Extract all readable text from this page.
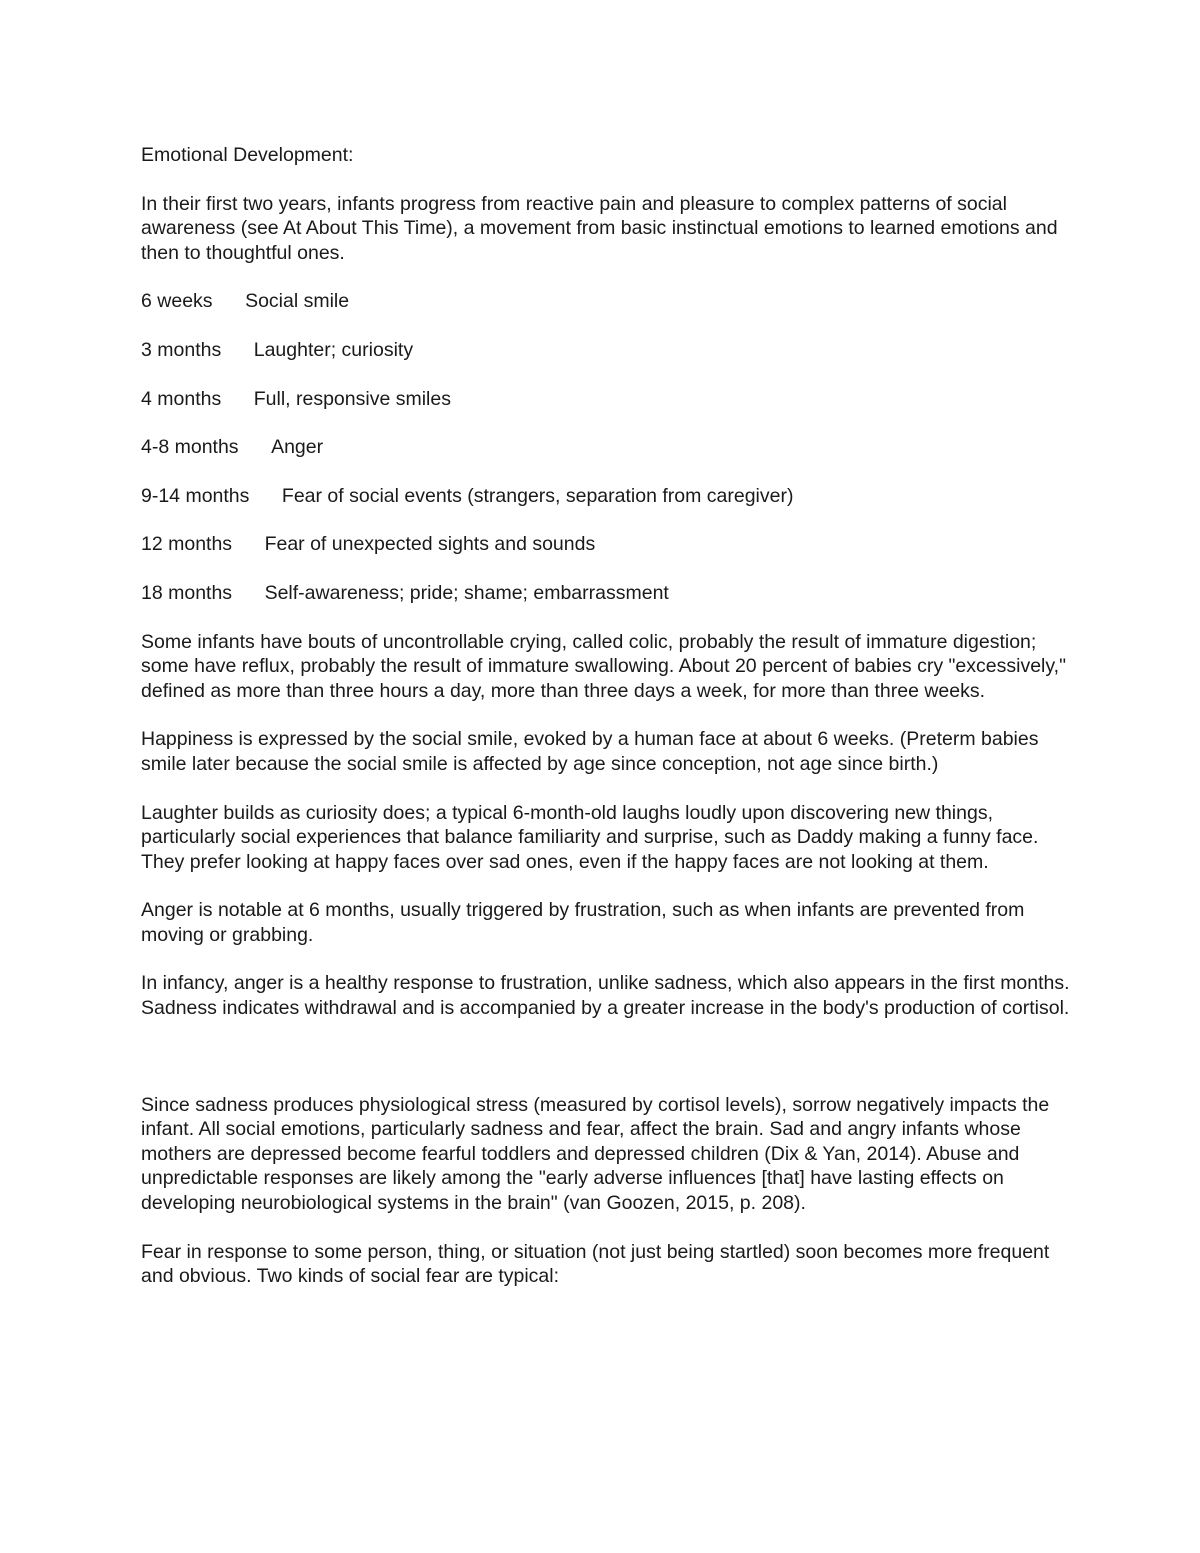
Emotional Development:

In their first two years, infants progress from reactive pain and pleasure to complex patterns of social awareness (see At About This Time), a movement from basic instinctual emotions to learned emotions and then to thoughtful ones.

6 weeks Social smile
3 months Laughter; curiosity
4 months Full, responsive smiles
4-8 months Anger
9-14 months Fear of social events (strangers, separation from caregiver)
12 months Fear of unexpected sights and sounds
18 months Self-awareness; pride; shame; embarrassment

Some infants have bouts of uncontrollable crying, called colic, probably the result of immature digestion; some have reflux, probably the result of immature swallowing. About 20 percent of babies cry "excessively," defined as more than three hours a day, more than three days a week, for more than three weeks.

Happiness is expressed by the social smile, evoked by a human face at about 6 weeks. (Preterm babies smile later because the social smile is affected by age since conception, not age since birth.)

Laughter builds as curiosity does; a typical 6-month-old laughs loudly upon discovering new things, particularly social experiences that balance familiarity and surprise, such as Daddy making a funny face. They prefer looking at happy faces over sad ones, even if the happy faces are not looking at them.

Anger is notable at 6 months, usually triggered by frustration, such as when infants are prevented from moving or grabbing.

In infancy, anger is a healthy response to frustration, unlike sadness, which also appears in the first months. Sadness indicates withdrawal and is accompanied by a greater increase in the body's production of cortisol.

Since sadness produces physiological stress (measured by cortisol levels), sorrow negatively impacts the infant. All social emotions, particularly sadness and fear, affect the brain. Sad and angry infants whose mothers are depressed become fearful toddlers and depressed children (Dix & Yan, 2014). Abuse and unpredictable responses are likely among the "early adverse influences [that] have lasting effects on developing neurobiological systems in the brain" (van Goozen, 2015, p. 208).

Fear in response to some person, thing, or situation (not just being startled) soon becomes more frequent and obvious. Two kinds of social fear are typical:
